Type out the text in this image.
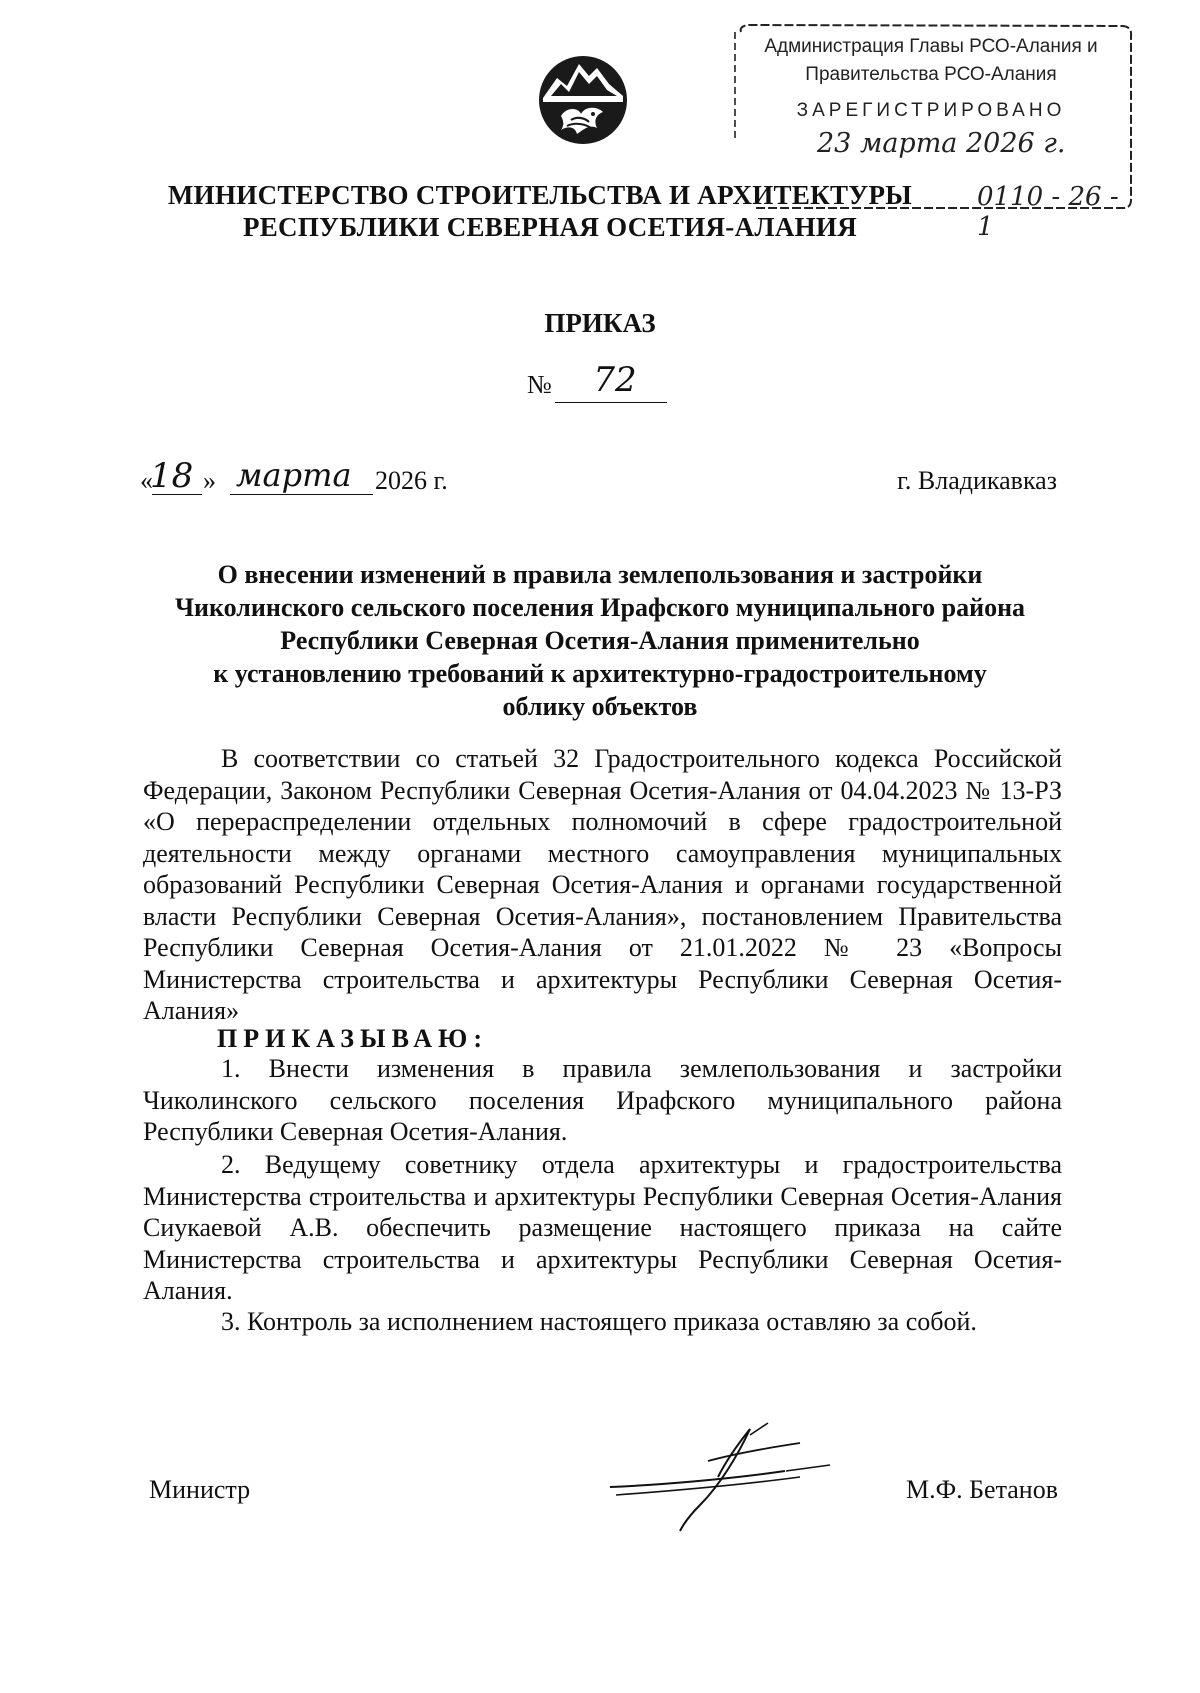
Администрация Главы РСО-Алания и
Правительства РСО-Алания
ЗАРЕГИСТРИРОВАНО
23 марта 2026 г.
0110 - 26 - 1
МИНИСТЕРСТВО СТРОИТЕЛЬСТВА И АРХИТЕКТУРЫ
РЕСПУБЛИКИ СЕВЕРНАЯ ОСЕТИЯ-АЛАНИЯ
ПРИКАЗ
№	72
«
18 » марта 2026 г.	г. Владикавказ
О внесении изменений в правила землепользования и застройки
Чиколинского сельского поселения Ирафского муниципального района
Республики Северная Осетия-Алания применительно
к установлению требований к архитектурно-градостроительному
облику объектов

В соответствии со статьей 32 Градостроительного кодекса Российской Федерации, Законом Республики Северная Осетия-Алания от 04.04.2023 № 13-РЗ «О перераспределении отдельных полномочий в сфере градостроительной деятельности между органами местного самоуправления муниципальных образований Республики Северная Осетия-Алания и органами государственной власти Республики Северная Осетия-Алания», постановлением Правительства Республики Северная Осетия-Алания от 21.01.2022 № 23 «Вопросы Министерства строительства и архитектуры Республики Северная Осетия-Алания»

ПРИКАЗЫВАЮ:

1. Внести изменения в правила землепользования и застройки Чиколинского сельского поселения Ирафского муниципального района Республики Северная Осетия-Алания.

2. Ведущему советнику отдела архитектуры и градостроительства Министерства строительства и архитектуры Республики Северная Осетия-Алания Сиукаевой А.В. обеспечить размещение настоящего приказа на сайте Министерства строительства и архитектуры Республики Северная Осетия-Алания.

3. Контроль за исполнением настоящего приказа оставляю за собой.

Министр	М.Ф. Бетанов
